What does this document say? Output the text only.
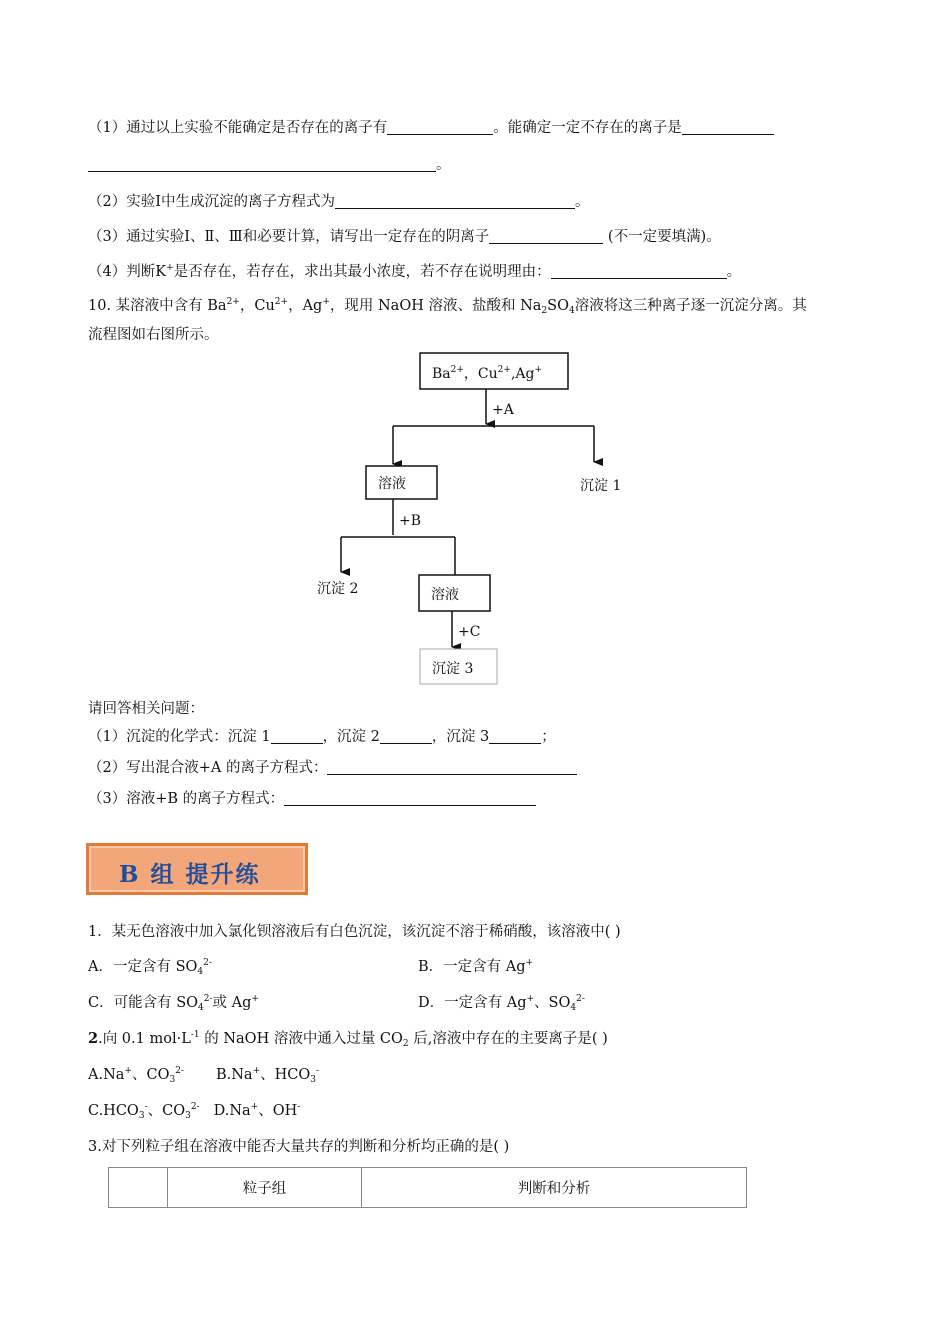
（1）通过以上实验不能确定是否存在的离子有	。能确定一定不存在的离子是
。
（2）实验Ⅰ中生成沉淀的离子方程式为	。
（3）通过实验Ⅰ、Ⅱ、Ⅲ和必要计算，请写出一定存在的阴离子	(不一定要填满)。
（4）判断K+是否存在，若存在，求出其最小浓度，若不存在说明理由：	。
10. 某溶液中含有 $Ba^{2+}$，$Cu^{2+}$，Ag+，现用 NaOH 溶液、盐酸和 $Na_2SO_4$溶液将这三种离子逐一沉淀分离。其
流程图如右图所示。
$Ba^{2+}$，$Cu^{2+},Ag^+$
+A
溶液	沉淀 1
+B
沉淀 2	溶液
+C
沉淀 3
请回答相关问题：
（1）沉淀的化学式：沉淀 1	，沉淀 2	，沉淀 3	；
（2）写出混合液+A 的离子方程式：
（3）溶液+B 的离子方程式：
B 组 提升练
1．某无色溶液中加入氯化钡溶液后有白色沉淀，该沉淀不溶于稀硝酸，该溶液中( )
A．一定含有 $SO_4^{2-}$	B．一定含有 Ag+
C．可能含有 $SO_4^{2-}$或 Ag+	D．一定含有 Ag+、$SO_4^{2-}$
2.向 0.1 $mol\cdot L^{-1}$ 的 NaOH 溶液中通入过量 $CO_2$ 后,溶液中存在的主要离子是( )
A.Na+、$CO_3^{2-}$ B.Na+、$HCO_3^-$
$C.HCO_3^-$、$CO_3^{2-}$ D.Na+、OH-
3.对下列粒子组在溶液中能否大量共存的判断和分析均正确的是( )
	粒子组	判断和分析
